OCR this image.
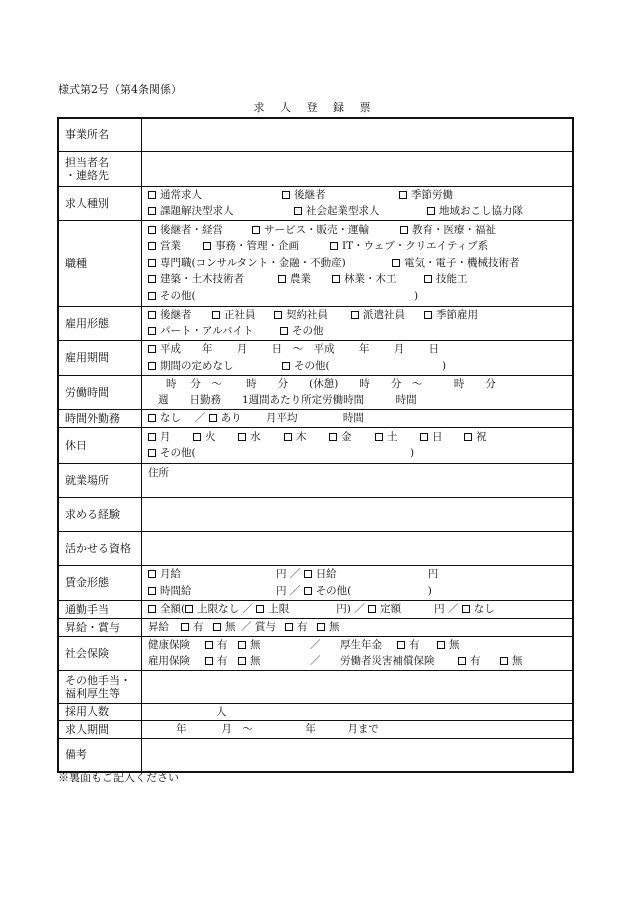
様式第2号（第4条関係）
求 人 登 録 票
事業所名	

担当者名
・連絡先	

求人種別	通常求人 後継者 季節労働
課題解決型求人 社会起業型求人 地域おこし協力隊

職種	後継者・経営 サービス・販売・運輸 教育・医療・福祉
営業 事務・管理・企画 IT・ウェブ・クリエイティブ系
専門職(コンサルタント・金融・不動産) 電気・電子・機械技術者
建築・土木技術者 農業 林業・木工 技能工
その他( )

雇用形態	後継者 正社員 契約社員 派遣社員 季節雇用
パート・アルバイト その他

雇用期間	平成　　 年　　 月　　 日　～　平成　　 年　　 月　　 日
期間の定めなし その他( )

労働時間	時　 分　～　　 時　　分　　(休憩)　　時　　分　～　　　時　　分
週　　日勤務　　1週間あたり所定労働時間　　　時間

時間外勤務	なし　 ／ あり　　 月平均　　　　 時間
休日	月 火 水 木 金 土 日 祝
その他( )

就業場所	住所
求める経験	
活かせる資格	
賃金形態	月給 円 ／ 日給 円
時間給 円 ／ その他( )

通勤手当	全額( 上限なし ／ 上限 円) ／ 定額 円 ／ なし
昇給・賞与	昇給 有 無 ／ 賞与 有 無
社会保険	健康保険 有 無 ／ 厚生年金 有 無
雇用保険 有 無 ／ 労働者災害補償保険 有 無

その他手当・
福利厚生等	

採用人数	人
求人期間	年　　　 月　～　　　　　年　　　月まで
備考	
※裏面もご記入ください
